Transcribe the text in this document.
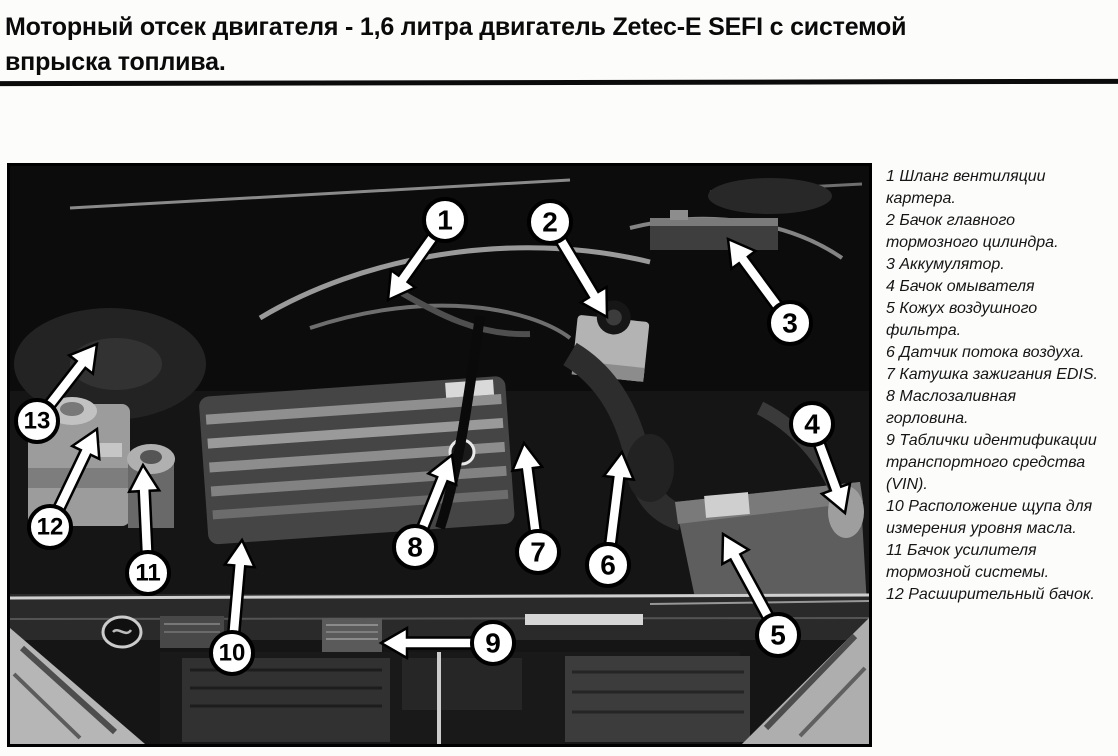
Моторный отсек двигателя - 1,6 литра двигатель Zetec-E SEFI с системой впрыска топлива.
1	2
3
4
5
6
7
8
9
10
11
12
13
1 Шланг вентиляции картера.
2 Бачок главного тормозного цилиндра.
3 Аккумулятор.
4 Бачок омывателя
5 Кожух воздушного фильтра.
6 Датчик потока воздуха.
7 Катушка зажигания EDIS.
8 Маслозаливная горловина.
9 Таблички идентификации транспортного средства (VIN).
10 Расположение щупа для измерения уровня масла.
11 Бачок усилителя тормозной системы.
12 Расширительный бачок.
